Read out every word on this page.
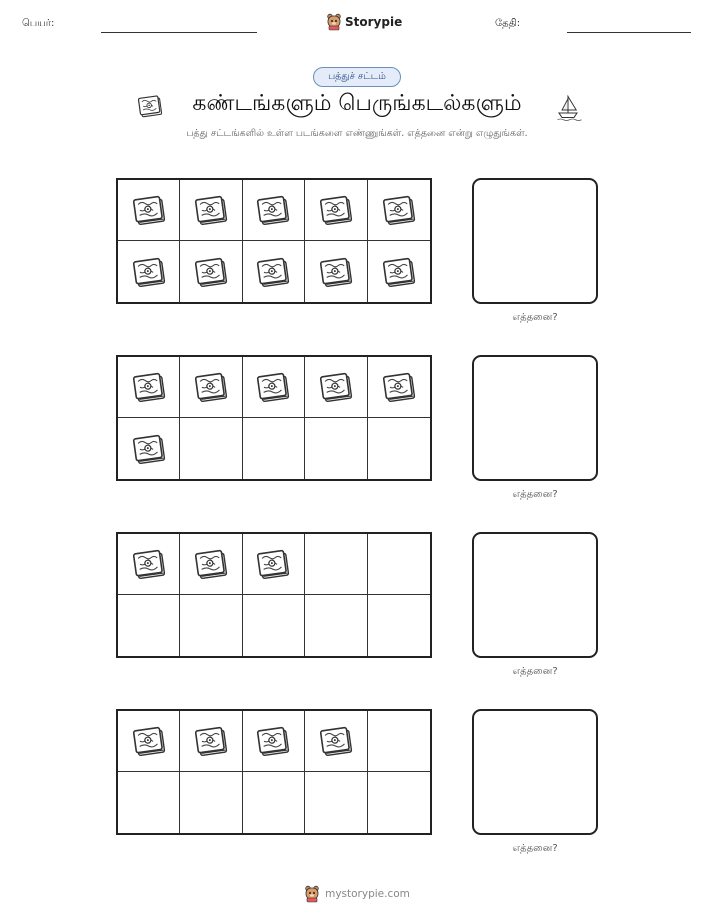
பெயர்:	Storypie	தேதி:
பத்துச் சட்டம்
கண்டங்களும் பெருங்கடல்களும்
பத்து சட்டங்களில் உள்ள படங்களை எண்ணுங்கள். எத்தனை என்று எழுதுங்கள்.
எத்தனை?
எத்தனை?
எத்தனை?
எத்தனை?
mystorypie.com
